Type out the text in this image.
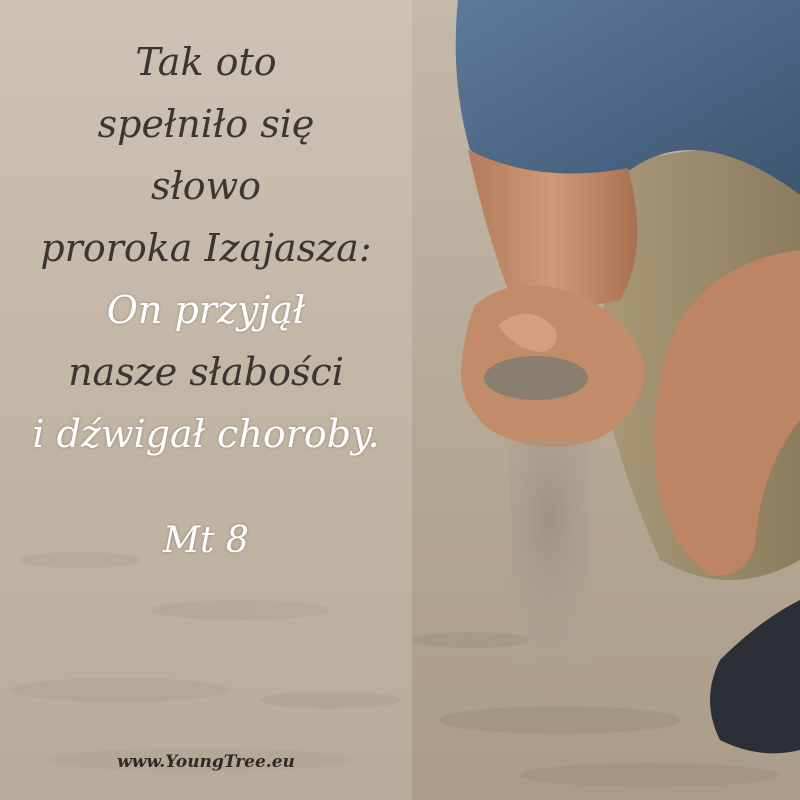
Tak oto
spełniło się
słowo
proroka Izajasza:
On przyjął
nasze słabości
i dźwigał choroby.
Mt 8
www.YoungTree.eu
